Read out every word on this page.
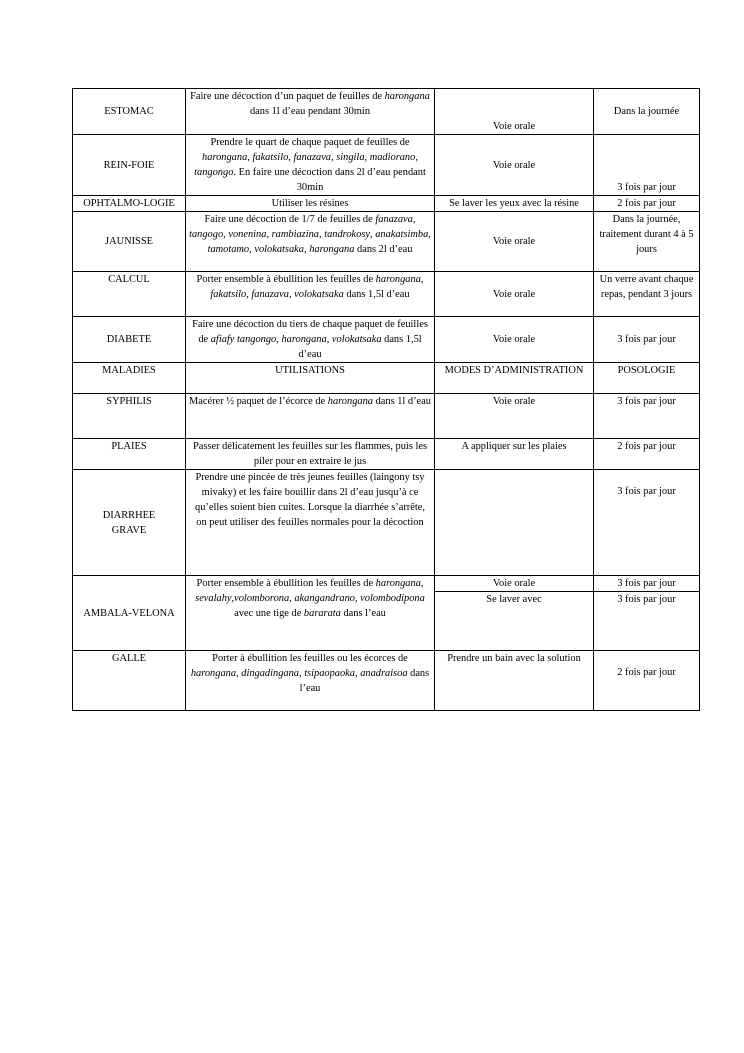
ESTOMAC	Faire une décoction d’un paquet de feuilles de harongana dans 1l d’eau pendant 30min	Voie orale	Dans la journée
REIN-FOIE	Prendre le quart de chaque paquet de feuilles de harongana, fakatsilo, fanazava, singila, madiorano, tangongo. En faire une décoction dans 2l d’eau pendant 30min	Voie orale	3 fois par jour
OPHTALMO-LOGIE	Utiliser les résines	Se laver les yeux avec la résine	2 fois par jour
JAUNISSE	Faire une décoction de 1/7 de feuilles de fanazava, tangogo, vonenina, rambiazina, tandrokosy, anakatsimba, tamotamo, volokatsaka, harongana dans 2l d’eau	Voie orale	Dans la journée, traitement durant 4 à 5 jours
CALCUL	Porter ensemble à ébullition les feuilles de harongana, fakatsilo, fanazava, volokatsaka dans 1,5l d’eau	Voie orale	Un verre avant chaque repas, pendant 3 jours
DIABETE	Faire une décoction du tiers de chaque paquet de feuilles de afiafy tangongo, harongana, volokatsaka dans 1,5l d’eau	Voie orale	3 fois par jour
MALADIES	UTILISATIONS	MODES D’ADMINISTRATION	POSOLOGIE
SYPHILIS	Macérer ½ paquet de l’écorce de harongana dans 1l d’eau	Voie orale	3 fois par jour
PLAIES	Passer délicatement les feuilles sur les flammes, puis les piler pour en extraire le jus	A appliquer sur les plaies	2 fois par jour
DIARRHEE GRAVE	Prendre une pincée de très jeunes feuilles (laingony tsy mivaky) et les faire bouillir dans 2l d’eau jusqu’à ce qu’elles soient bien cuites. Lorsque la diarrhée s’arrête, on peut utiliser des feuilles normales pour la décoction		3 fois par jour
AMBALA-VELONA	Porter ensemble à ébullition les feuilles de harongana, sevalahy,volomborona, akangandrano, volombodipona avec une tige de bararata dans l’eau	Voie orale	3 fois par jour
		Se laver avec	3 fois par jour
GALLE	Porter à ébullition les feuilles ou les écorces de harongana, dingadingana, tsipaopaoka, anadraisoa dans l’eau	Prendre un bain avec la solution	2 fois par jour
